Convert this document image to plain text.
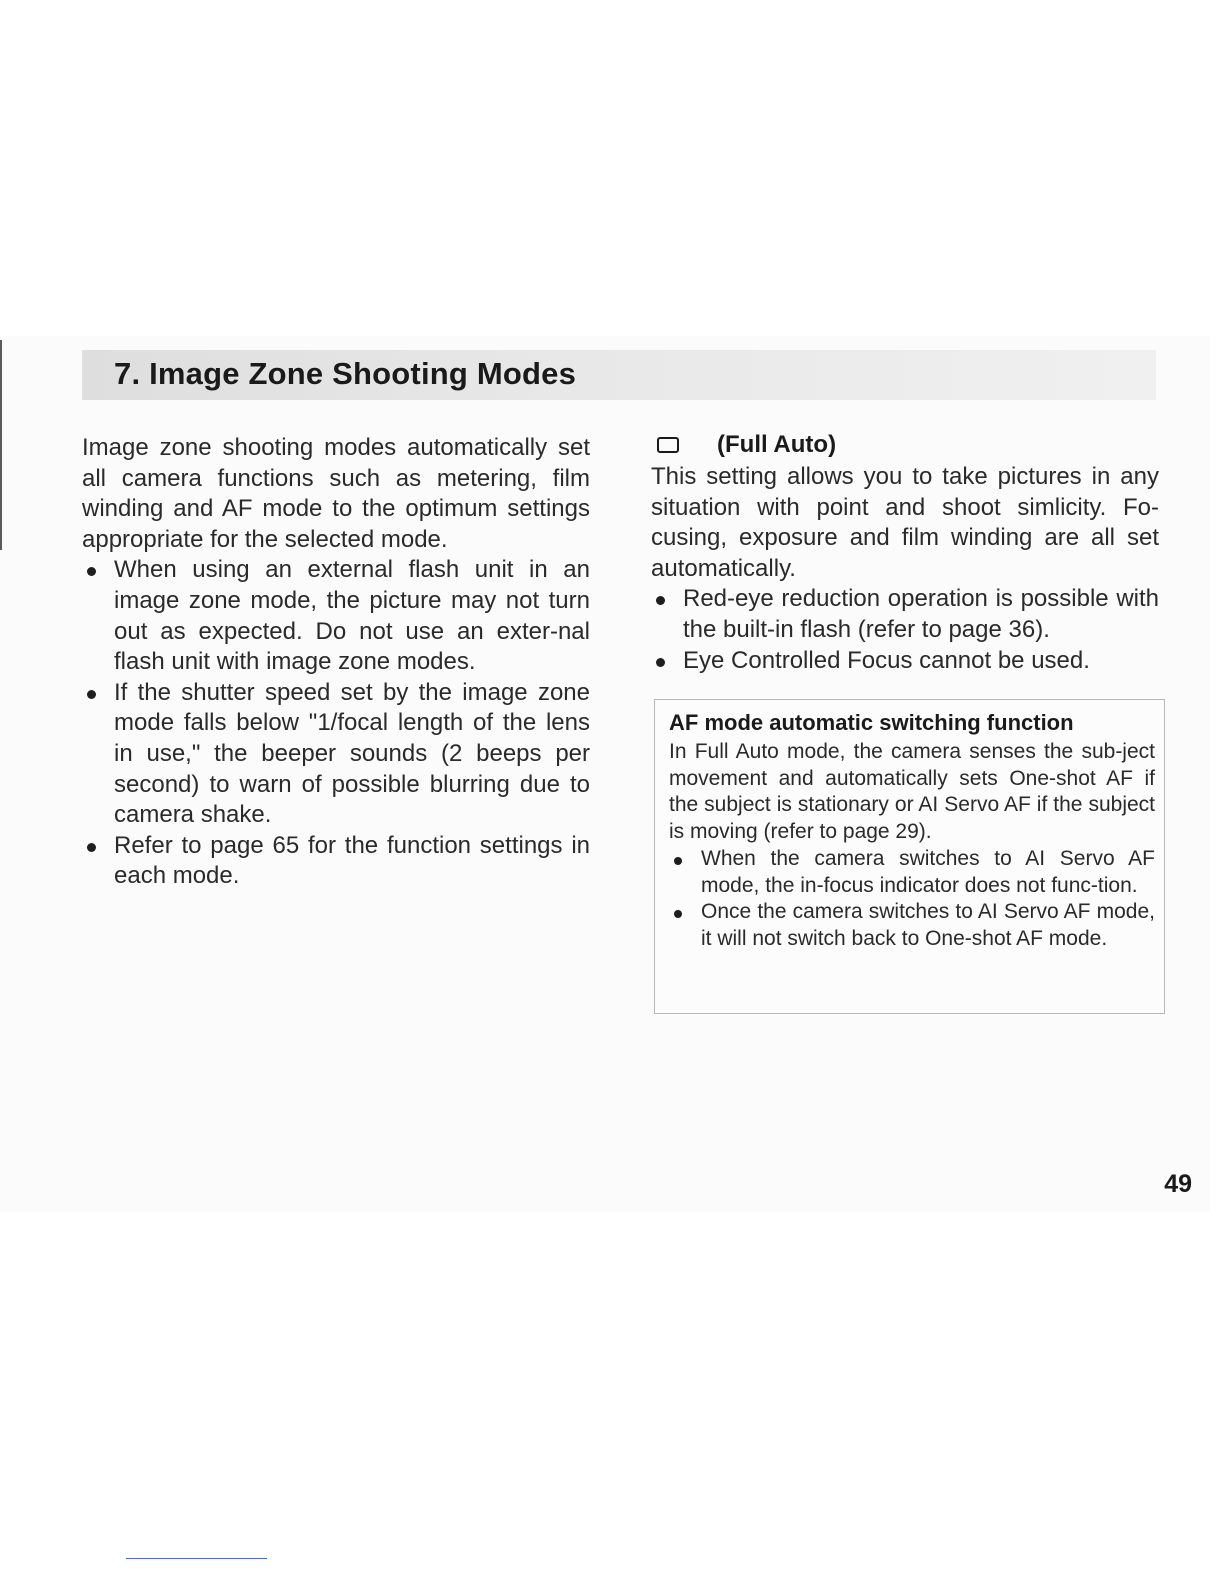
7. Image Zone Shooting Modes

Image zone shooting modes automatically set all camera functions such as metering, film winding and AF mode to the optimum settings appropriate for the selected mode.

When using an external flash unit in an image zone mode, the picture may not turn out as expected. Do not use an exter-nal flash unit with image zone modes.
If the shutter speed set by the image zone mode falls below "1/focal length of the lens in use," the beeper sounds (2 beeps per second) to warn of possible blurring due to camera shake.
Refer to page 65 for the function settings in each mode.
(Full Auto)

This setting allows you to take pictures in any situation with point and shoot simlicity. Fo-cusing, exposure and film winding are all set automatically.

Red-eye reduction operation is possible with the built-in flash (refer to page 36).
Eye Controlled Focus cannot be used.
AF mode automatic switching function

In Full Auto mode, the camera senses the sub-ject movement and automatically sets One-shot AF if the subject is stationary or AI Servo AF if the subject is moving (refer to page 29).

When the camera switches to AI Servo AF mode, the in-focus indicator does not func-tion.
Once the camera switches to AI Servo AF mode, it will not switch back to One-shot AF mode.
49
